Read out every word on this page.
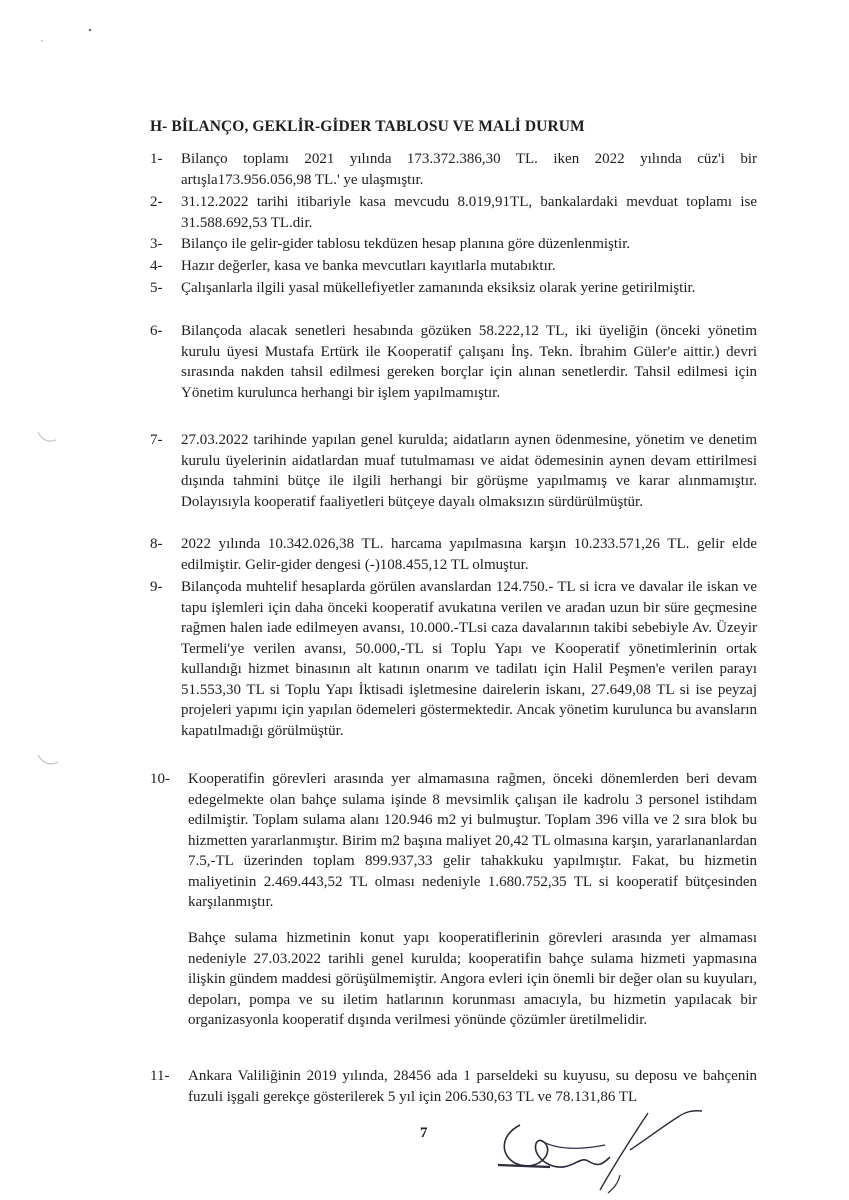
H- BİLANÇO, GEKLİR-GİDER TABLOSU VE MALİ DURUM
1- Bilanço toplamı 2021 yılında 173.372.386,30 TL. iken 2022 yılında cüz'i bir artışla173.956.056,98 TL.' ye ulaşmıştır.
2- 31.12.2022 tarihi itibariyle kasa mevcudu 8.019,91TL, bankalardaki mevduat toplamı ise 31.588.692,53 TL.dir.
3- Bilanço ile gelir-gider tablosu tekdüzen hesap planına göre düzenlenmiştir.
4- Hazır değerler, kasa ve banka mevcutları kayıtlarla mutabıktır.
5- Çalışanlarla ilgili yasal mükellefiyetler zamanında eksiksiz olarak yerine getirilmiştir.
6- Bilançoda alacak senetleri hesabında gözüken 58.222,12 TL, iki üyeliğin (önceki yönetim kurulu üyesi Mustafa Ertürk ile Kooperatif çalışanı İnş. Tekn. İbrahim Güler'e aittir.) devri sırasında nakden tahsil edilmesi gereken borçlar için alınan senetlerdir. Tahsil edilmesi için Yönetim kurulunca herhangi bir işlem yapılmamıştır.
7- 27.03.2022 tarihinde yapılan genel kurulda; aidatların aynen ödenmesine, yönetim ve denetim kurulu üyelerinin aidatlardan muaf tutulmaması ve aidat ödemesinin aynen devam ettirilmesi dışında tahmini bütçe ile ilgili herhangi bir görüşme yapılmamış ve karar alınmamıştır. Dolayısıyla kooperatif faaliyetleri bütçeye dayalı olmaksızın sürdürülmüştür.
8- 2022 yılında 10.342.026,38 TL. harcama yapılmasına karşın 10.233.571,26 TL. gelir elde edilmiştir. Gelir-gider dengesi (-)108.455,12 TL olmuştur.
9- Bilançoda muhtelif hesaplarda görülen avanslardan 124.750.- TL si icra ve davalar ile iskan ve tapu işlemleri için daha önceki kooperatif avukatına verilen ve aradan uzun bir süre geçmesine rağmen halen iade edilmeyen avansı, 10.000.-TLsi caza davalarının takibi sebebiyle Av. Üzeyir Termeli'ye verilen avansı, 50.000,-TL si Toplu Yapı ve Kooperatif yönetimlerinin ortak kullandığı hizmet binasının alt katının onarım ve tadilatı için Halil Peşmen'e verilen parayı 51.553,30 TL si Toplu Yapı İktisadi işletmesine dairelerin iskanı, 27.649,08 TL si ise peyzaj projeleri yapımı için yapılan ödemeleri göstermektedir. Ancak yönetim kurulunca bu avansların kapatılmadığı görülmüştür.
10- Kooperatifin görevleri arasında yer almamasına rağmen, önceki dönemlerden beri devam edegelmekte olan bahçe sulama işinde 8 mevsimlik çalışan ile kadrolu 3 personel istihdam edilmiştir. Toplam sulama alanı 120.946 m2 yi bulmuştur. Toplam 396 villa ve 2 sıra blok bu hizmetten yararlanmıştır. Birim m2 başına maliyet 20,42 TL olmasına karşın, yararlananlardan 7.5,-TL üzerinden toplam 899.937,33 gelir tahakkuku yapılmıştır. Fakat, bu hizmetin maliyetinin 2.469.443,52 TL olması nedeniyle 1.680.752,35 TL si kooperatif bütçesinden karşılanmıştır.
Bahçe sulama hizmetinin konut yapı kooperatiflerinin görevleri arasında yer almaması nedeniyle 27.03.2022 tarihli genel kurulda; kooperatifin bahçe sulama hizmeti yapmasına ilişkin gündem maddesi görüşülmemiştir. Angora evleri için önemli bir değer olan su kuyuları, depoları, pompa ve su iletim hatlarının korunması amacıyla, bu hizmetin yapılacak bir organizasyonla kooperatif dışında verilmesi yönünde çözümler üretilmelidir.
11- Ankara Valiliğinin 2019 yılında, 28456 ada 1 parseldeki su kuyusu, su deposu ve bahçenin fuzuli işgali gerekçe gösterilerek 5 yıl için 206.530,63 TL ve 78.131,86 TL
7
